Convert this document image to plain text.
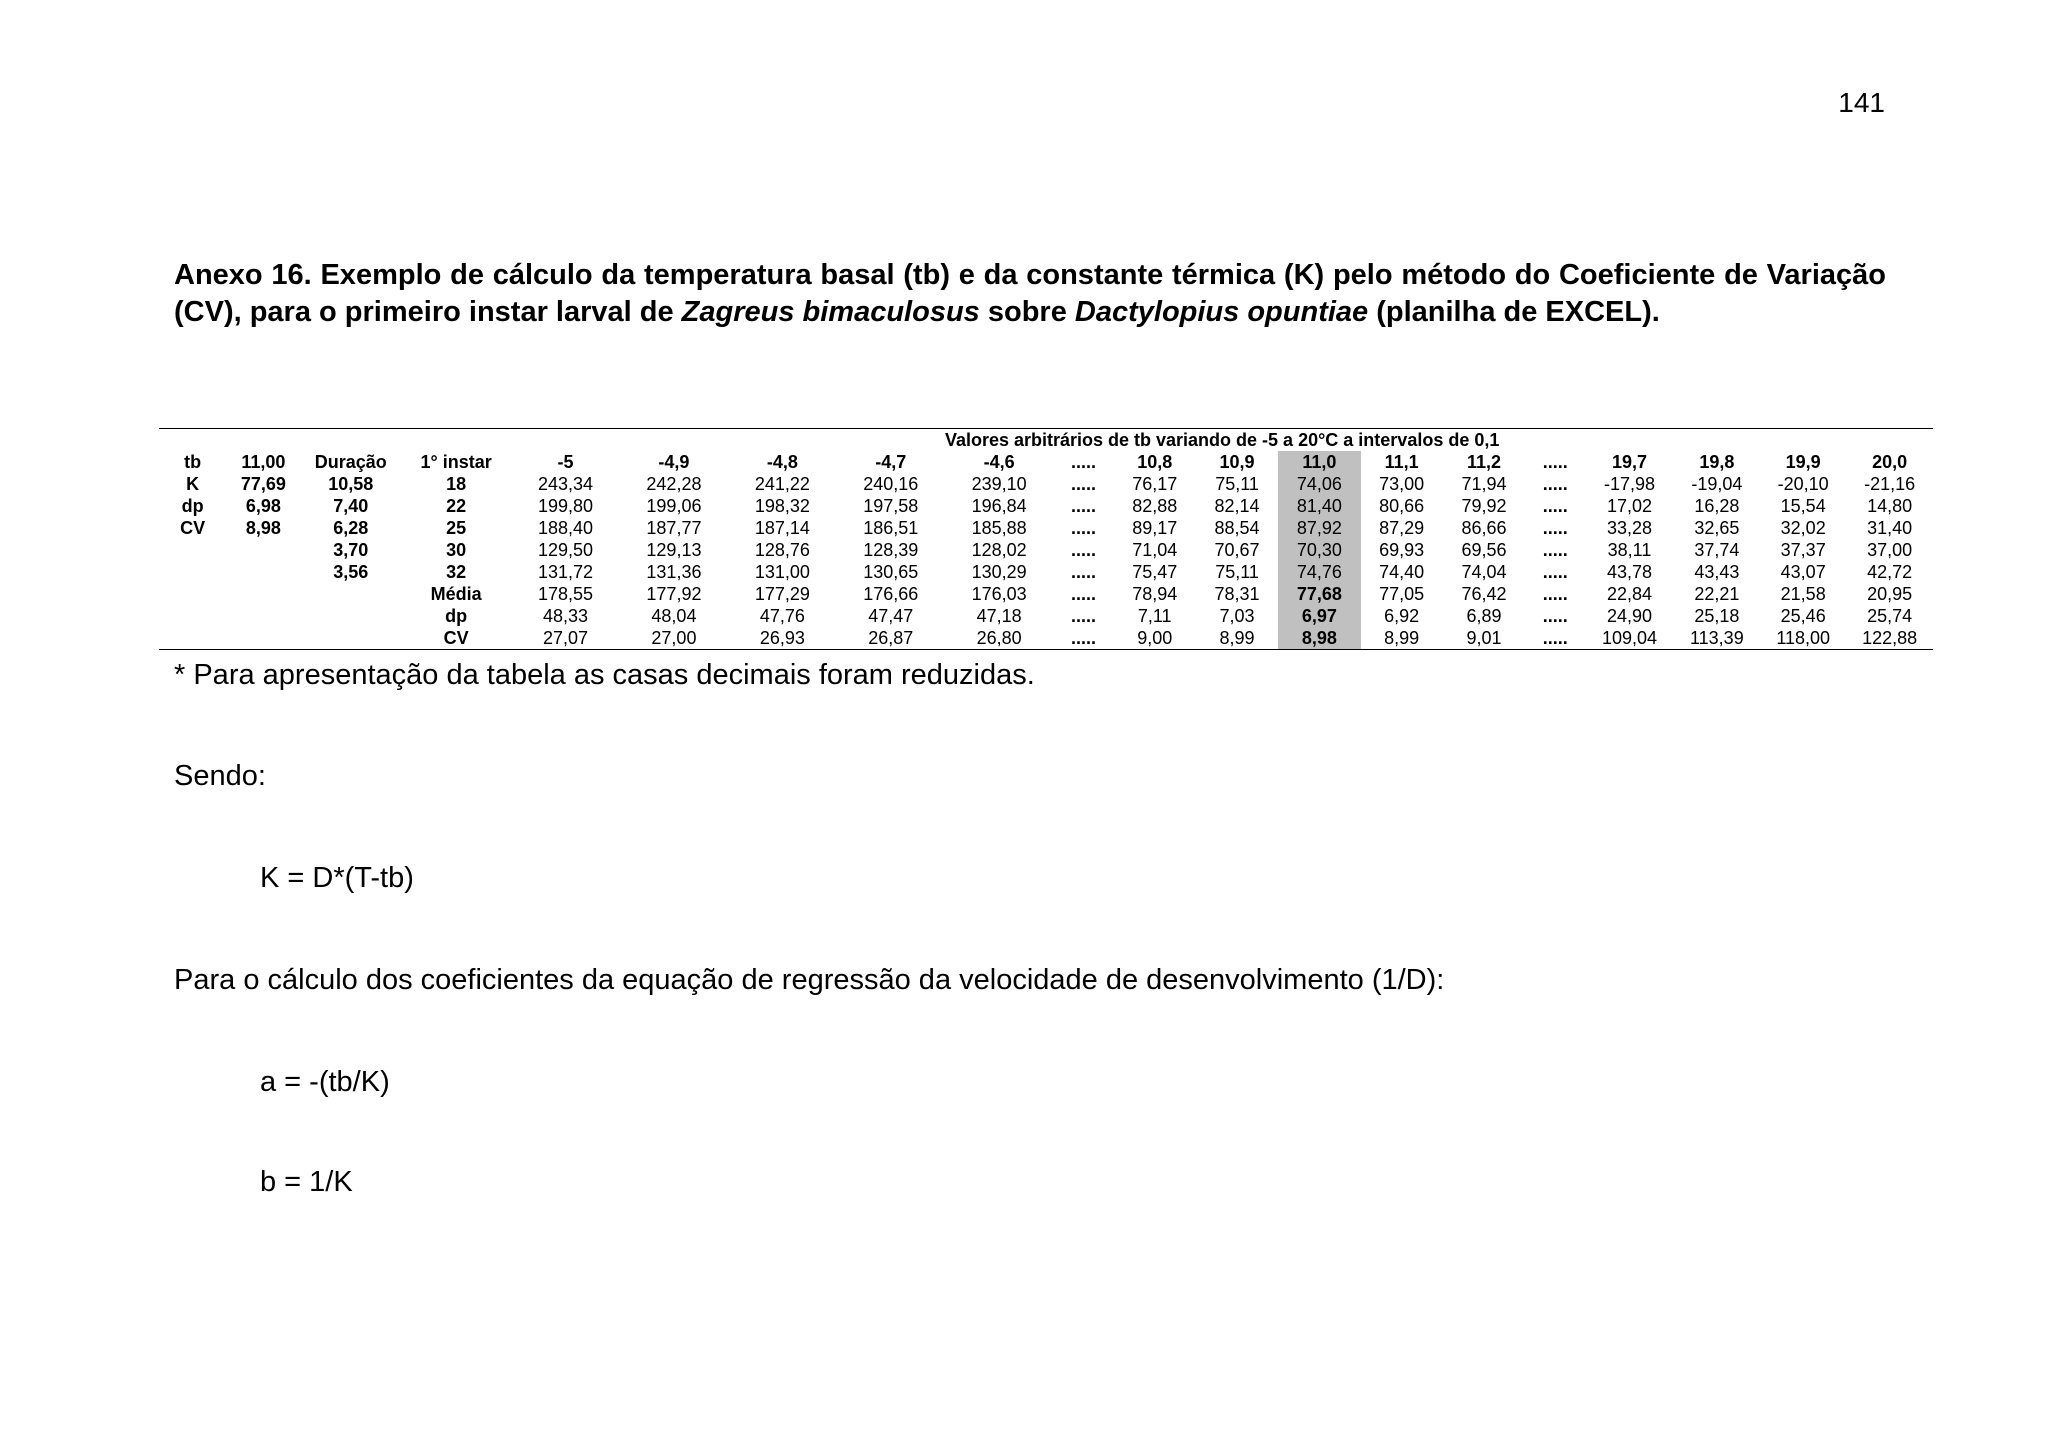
141
Anexo 16. Exemplo de cálculo da temperatura basal (tb) e da constante térmica (K) pelo método do Coeficiente de Variação (CV), para o primeiro instar larval de Zagreus bimaculosus sobre Dactylopius opuntiae (planilha de EXCEL).
				Valores arbitrários de tb variando de -5 a 20°C a intervalos de 0,1															
tb	11,00	Duração	1° instar	-5	-4,9	-4,8	-4,7	-4,6	.....	10,8	10,9	11,0	11,1	11,2	.....	19,7	19,8	19,9	20,0
K	77,69	10,58	18	243,34	242,28	241,22	240,16	239,10	.....	76,17	75,11	74,06	73,00	71,94	.....	-17,98	-19,04	-20,10	-21,16
dp	6,98	7,40	22	199,80	199,06	198,32	197,58	196,84	.....	82,88	82,14	81,40	80,66	79,92	.....	17,02	16,28	15,54	14,80
CV	8,98	6,28	25	188,40	187,77	187,14	186,51	185,88	.....	89,17	88,54	87,92	87,29	86,66	.....	33,28	32,65	32,02	31,40
		3,70	30	129,50	129,13	128,76	128,39	128,02	.....	71,04	70,67	70,30	69,93	69,56	.....	38,11	37,74	37,37	37,00
		3,56	32	131,72	131,36	131,00	130,65	130,29	.....	75,47	75,11	74,76	74,40	74,04	.....	43,78	43,43	43,07	42,72
			Média	178,55	177,92	177,29	176,66	176,03	.....	78,94	78,31	77,68	77,05	76,42	.....	22,84	22,21	21,58	20,95
			dp	48,33	48,04	47,76	47,47	47,18	.....	7,11	7,03	6,97	6,92	6,89	.....	24,90	25,18	25,46	25,74
			CV	27,07	27,00	26,93	26,87	26,80	.....	9,00	8,99	8,98	8,99	9,01	.....	109,04	113,39	118,00	122,88
* Para apresentação da tabela as casas decimais foram reduzidas.
Sendo:
K = D*(T-tb)
Para o cálculo dos coeficientes da equação de regressão da velocidade de desenvolvimento (1/D):
a = -(tb/K)
b = 1/K
